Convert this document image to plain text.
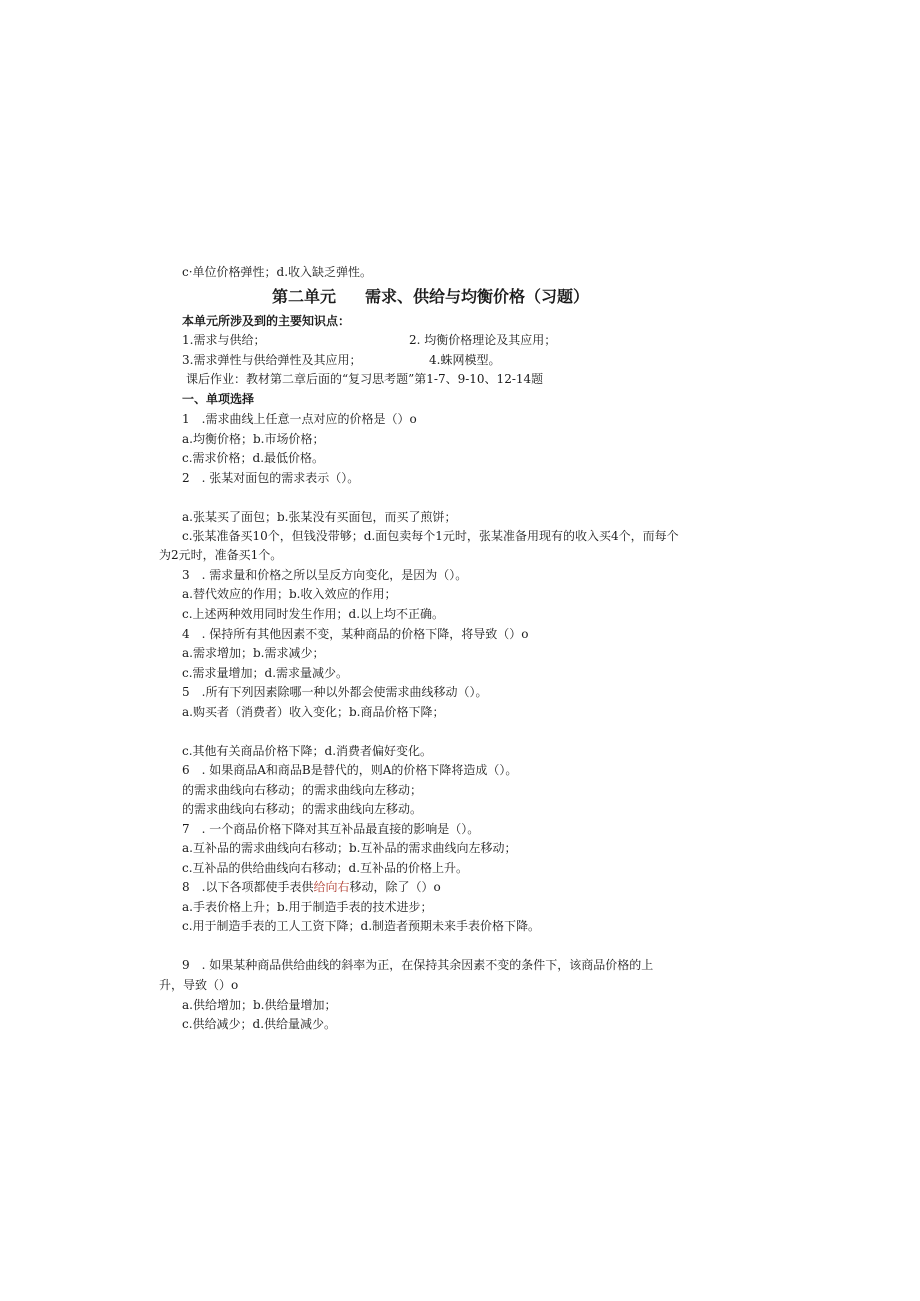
c·单位价格弹性；d.收入缺乏弹性。
第二单元 需求、供给与均衡价格（习题）
本单元所涉及到的主要知识点：
1.需求与供给；	2. 均衡价格理论及其应用；
3.需求弹性与供给弹性及其应用；	4.蛛网模型。
课后作业：教材第二章后面的“复习思考题”第1-7、9-10、12-14题
一、单项选择
1　.需求曲线上任意一点对应的价格是（）o
a.均衡价格；b.市场价格；
c.需求价格；d.最低价格。
2　. 张某对面包的需求表示（）。
a.张某买了面包；b.张某没有买面包，而买了煎饼；
c.张某准备买10个，但钱没带够；d.面包卖每个1元时，张某准备用现有的收入买4个，而每个
为2元时，准备买1个。
3　. 需求量和价格之所以呈反方向变化，是因为（）。
a.替代效应的作用；b.收入效应的作用；
c.上述两种效用同时发生作用；d.以上均不正确。
4　. 保持所有其他因素不变，某种商品的价格下降，将导致（）o
a.需求增加；b.需求减少；
c.需求量增加；d.需求量减少。
5　.所有下列因素除哪一种以外都会使需求曲线移动（）。
a.购买者（消费者）收入变化；b.商品价格下降；
c.其他有关商品价格下降；d.消费者偏好变化。
6　. 如果商品A和商品B是替代的，则A的价格下降将造成（）。
的需求曲线向右移动；的需求曲线向左移动；
的需求曲线向右移动；的需求曲线向左移动。
7　. 一个商品价格下降对其互补品最直接的影响是（）。
a.互补品的需求曲线向右移动；b.互补品的需求曲线向左移动；
c.互补品的供给曲线向右移动；d.互补品的价格上升。
8　.以下各项都使手表供给向右移动，除了（）o
a.手表价格上升；b.用于制造手表的技术进步；
c.用于制造手表的工人工资下降；d.制造者预期未来手表价格下降。
9　. 如果某种商品供给曲线的斜率为正，在保持其余因素不变的条件下，该商品价格的上
升，导致（）o
a.供给增加；b.供给量增加；
c.供给减少；d.供给量减少。
